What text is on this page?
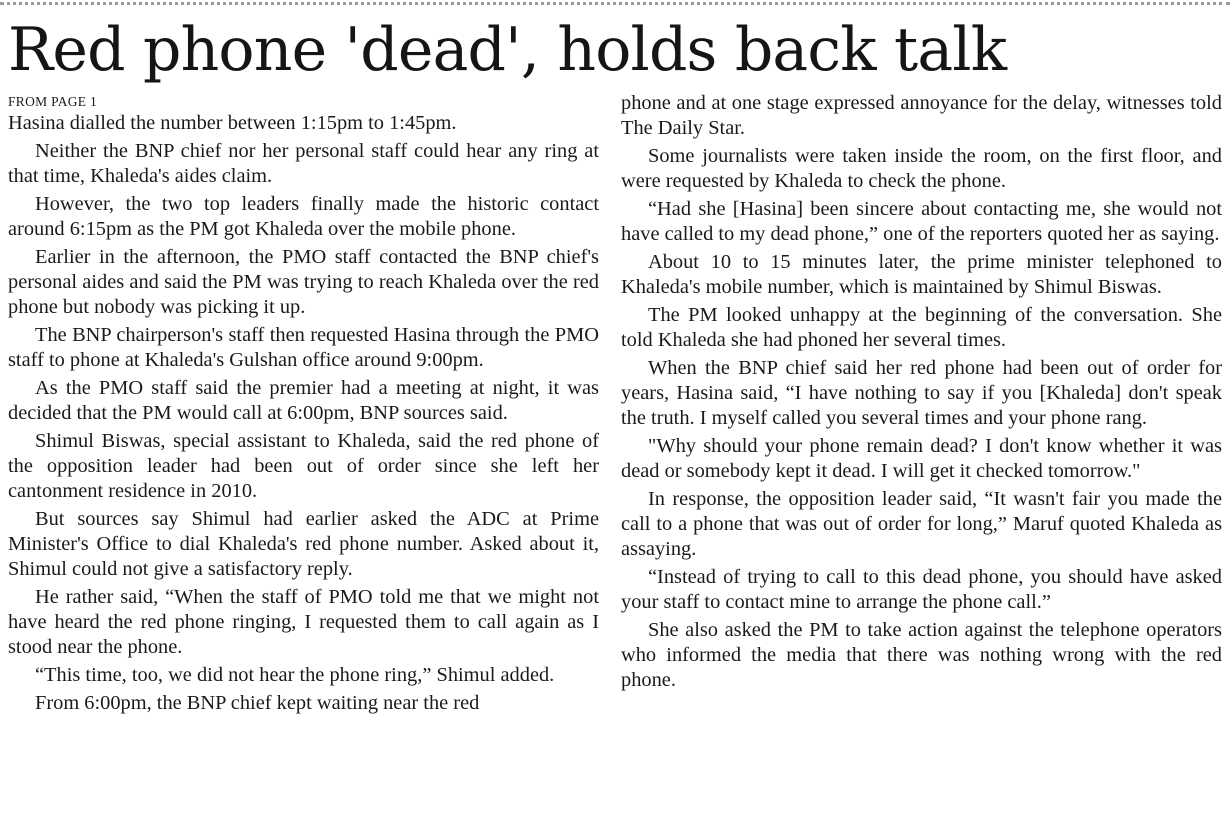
Red phone 'dead', holds back talk
FROM PAGE 1

Hasina dialled the number between 1:15pm to 1:45pm.

Neither the BNP chief nor her personal staff could hear any ring at that time, Khaleda's aides claim.

However, the two top leaders finally made the historic contact around 6:15pm as the PM got Khaleda over the mobile phone.

Earlier in the afternoon, the PMO staff contacted the BNP chief's personal aides and said the PM was trying to reach Khaleda over the red phone but nobody was picking it up.

The BNP chairperson's staff then requested Hasina through the PMO staff to phone at Khaleda's Gulshan office around 9:00pm.

As the PMO staff said the premier had a meeting at night, it was decided that the PM would call at 6:00pm, BNP sources said.

Shimul Biswas, special assistant to Khaleda, said the red phone of the opposition leader had been out of order since she left her cantonment residence in 2010.

But sources say Shimul had earlier asked the ADC at Prime Minister's Office to dial Khaleda's red phone number. Asked about it, Shimul could not give a satisfactory reply.

He rather said, “When the staff of PMO told me that we might not have heard the red phone ringing, I requested them to call again as I stood near the phone.

“This time, too, we did not hear the phone ring,” Shimul added.

From 6:00pm, the BNP chief kept waiting near the red

phone and at one stage expressed annoyance for the delay, witnesses told The Daily Star.

Some journalists were taken inside the room, on the first floor, and were requested by Khaleda to check the phone.

“Had she [Hasina] been sincere about contacting me, she would not have called to my dead phone,” one of the reporters quoted her as saying.

About 10 to 15 minutes later, the prime minister telephoned to Khaleda's mobile number, which is maintained by Shimul Biswas.

The PM looked unhappy at the beginning of the conversation. She told Khaleda she had phoned her several times.

When the BNP chief said her red phone had been out of order for years, Hasina said, “I have nothing to say if you [Khaleda] don't speak the truth. I myself called you several times and your phone rang.

"Why should your phone remain dead? I don't know whether it was dead or somebody kept it dead. I will get it checked tomorrow."

In response, the opposition leader said, “It wasn't fair you made the call to a phone that was out of order for long,” Maruf quoted Khaleda as assaying.

“Instead of trying to call to this dead phone, you should have asked your staff to contact mine to arrange the phone call.”

She also asked the PM to take action against the telephone operators who informed the media that there was nothing wrong with the red phone.
